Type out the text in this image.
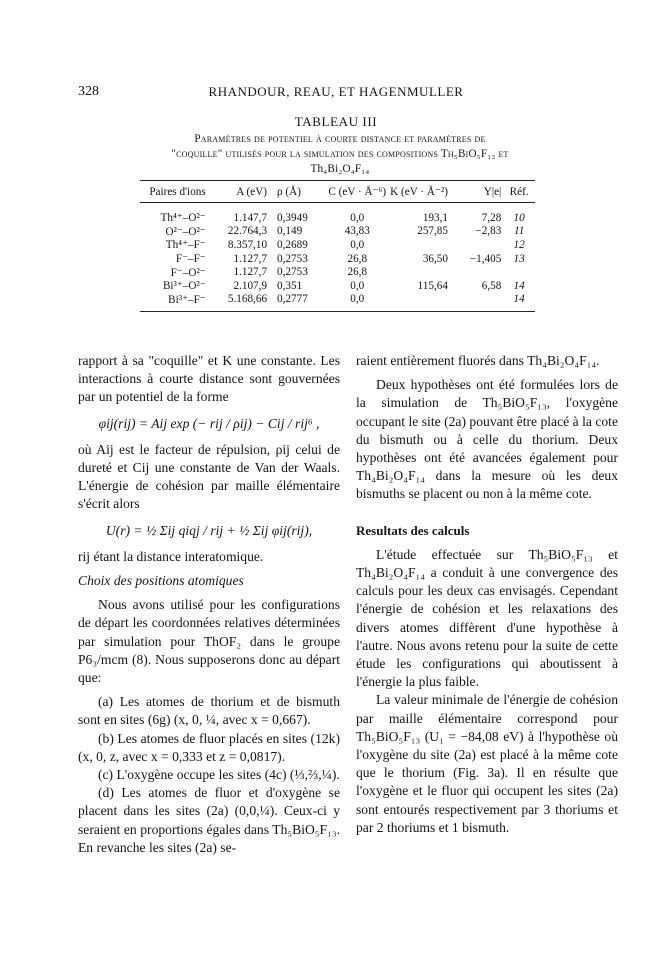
328	RHANDOUR, REAU, ET HAGENMULLER
TABLEAU III
Paramètres de potentiel à courte distance et paramètres de
"coquille" utilisés pour la simulation des compositions Th₅BiO₅F₁₃ et
Th₄Bi₂O₄F₁₄
Paires d'ions	A (eV)	ρ (Å)	C (eV · Å⁻⁶)	K (eV · Å⁻²)	Y|e|	Réf.
Th⁴⁺–O²⁻	1.147,7	0,3949	0,0	193,1	7,28	10
O²⁻–O²⁻	22.764,3	0,149	43,83	257,85	−2,83	11
Th⁴⁺–F⁻	8.357,10	0,2689	0,0			12
F⁻–F⁻	1.127,7	0,2753	26,8	36,50	−1,405	13
F⁻–O²⁻	1.127,7	0,2753	26,8			
Bi³⁺–O²⁻	2.107,9	0,351	0,0	115,64	6,58	14
Bi³⁺–F⁻	5.168,66	0,2777	0,0			14

rapport à sa "coquille" et K une constante. Les interactions à courte distance sont gouvernées par un potentiel de la forme

φij(rij) = Aij exp (− rij / ρij) − Cij / rij⁶ ,

où Aij est le facteur de répulsion, ρij celui de dureté et Cij une constante de Van der Waals. L'énergie de cohésion par maille élémentaire s'écrit alors

U(r) = ½ Σij qiqj / rij + ½ Σij φij(rij),

rij étant la distance interatomique.

Choix des positions atomiques

Nous avons utilisé pour les configurations de départ les coordonnées relatives déterminées par simulation pour ThOF₂ dans le groupe P6₃/mcm (8). Nous supposerons donc au départ que:

(a) Les atomes de thorium et de bismuth sont en sites (6g) (x, 0, ¼, avec x = 0,667).

(b) Les atomes de fluor placés en sites (12k) (x, 0, z, avec x = 0,333 et z = 0,0817).

(c) L'oxygène occupe les sites (4c) (⅓,⅔,¼).

(d) Les atomes de fluor et d'oxygène se placent dans les sites (2a) (0,0,¼). Ceux-ci y seraient en proportions égales dans Th₅BiO₅F₁₃. En revanche les sites (2a) se-

raient entièrement fluorés dans Th₄Bi₂O₄F₁₄.

Deux hypothèses ont été formulées lors de la simulation de Th₅BiO₅F₁₃, l'oxygène occupant le site (2a) pouvant être placé à la cote du bismuth ou à celle du thorium. Deux hypothèses ont été avancées également pour Th₄Bi₂O₄F₁₄ dans la mesure où les deux bismuths se placent ou non à la même cote.

Resultats des calculs

L'étude effectuée sur Th₅BiO₅F₁₃ et Th₄Bi₂O₄F₁₄ a conduit à une convergence des calculs pour les deux cas envisagés. Cependant l'énergie de cohésion et les relaxations des divers atomes diffèrent d'une hypothèse à l'autre. Nous avons retenu pour la suite de cette étude les configurations qui aboutissent à l'énergie la plus faible.

La valeur minimale de l'énergie de cohésion par maille élémentaire correspond pour Th₅BiO₅F₁₃ (U₁ = −84,08 eV) à l'hypothèse où l'oxygène du site (2a) est placé à la même cote que le thorium (Fig. 3a). Il en résulte que l'oxygène et le fluor qui occupent les sites (2a) sont entourés respectivement par 3 thoriums et par 2 thoriums et 1 bismuth.
